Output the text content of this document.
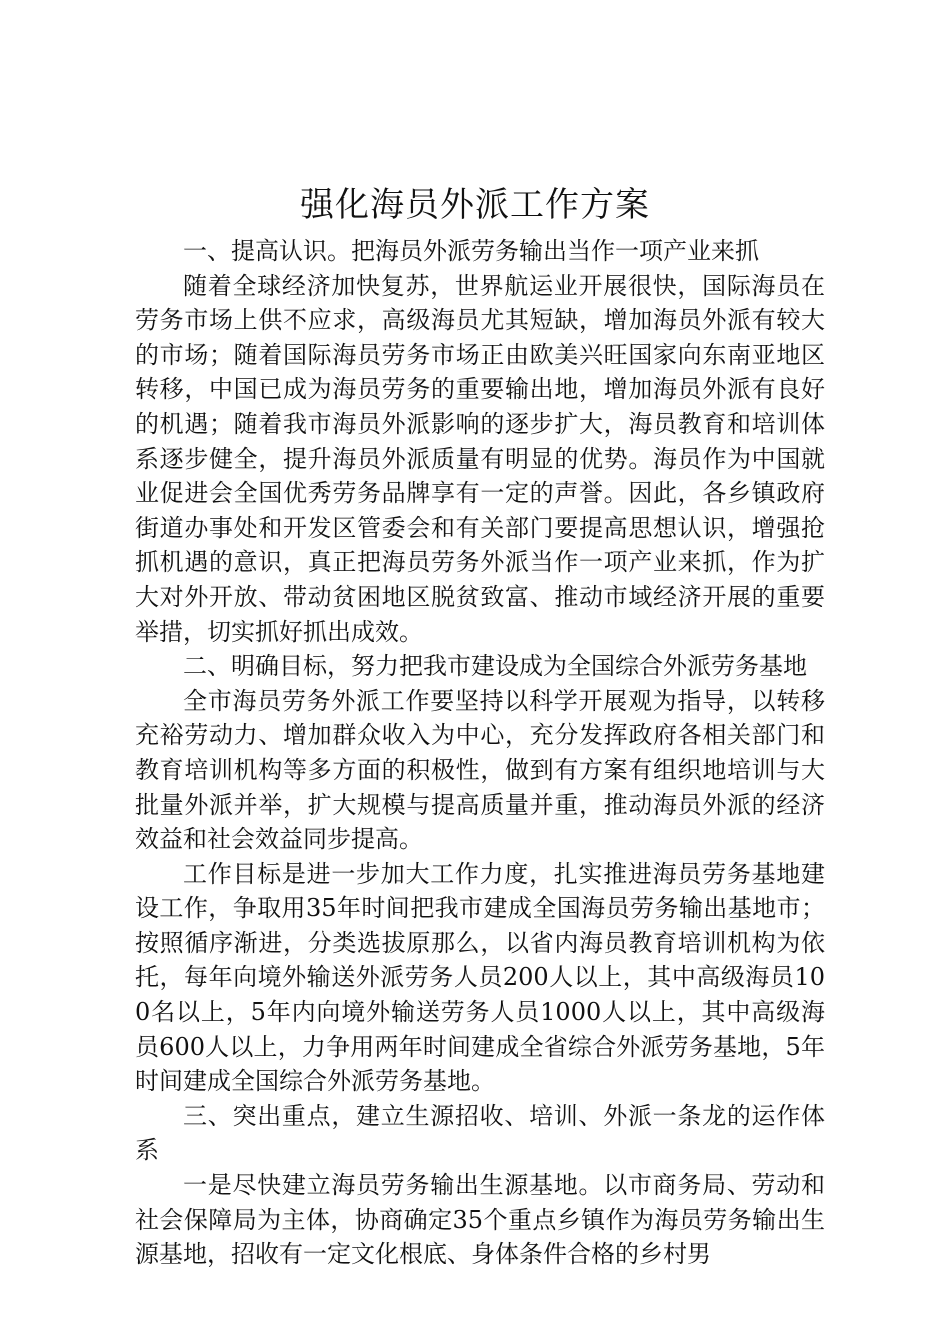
强化海员外派工作方案

一、提高认识。把海员外派劳务输出当作一项产业来抓

随着全球经济加快复苏，世界航运业开展很快，国际海员在劳务市场上供不应求，高级海员尤其短缺，增加海员外派有较大的市场；随着国际海员劳务市场正由欧美兴旺国家向东南亚地区转移，中国已成为海员劳务的重要输出地，增加海员外派有良好的机遇；随着我市海员外派影响的逐步扩大，海员教育和培训体系逐步健全，提升海员外派质量有明显的优势。海员作为中国就业促进会全国优秀劳务品牌享有一定的声誉。因此，各乡镇政府街道办事处和开发区管委会和有关部门要提高思想认识，增强抢抓机遇的意识，真正把海员劳务外派当作一项产业来抓，作为扩大对外开放、带动贫困地区脱贫致富、推动市域经济开展的重要举措，切实抓好抓出成效。

二、明确目标，努力把我市建设成为全国综合外派劳务基地

全市海员劳务外派工作要坚持以科学开展观为指导，以转移充裕劳动力、增加群众收入为中心，充分发挥政府各相关部门和教育培训机构等多方面的积极性，做到有方案有组织地培训与大批量外派并举，扩大规模与提高质量并重，推动海员外派的经济效益和社会效益同步提高。

工作目标是进一步加大工作力度，扎实推进海员劳务基地建设工作，争取用35年时间把我市建成全国海员劳务输出基地市；按照循序渐进，分类选拔原那么，以省内海员教育培训机构为依托，每年向境外输送外派劳务人员200人以上，其中高级海员100名以上，5年内向境外输送劳务人员1000人以上，其中高级海员600人以上，力争用两年时间建成全省综合外派劳务基地，5年时间建成全国综合外派劳务基地。

三、突出重点，建立生源招收、培训、外派一条龙的运作体系

一是尽快建立海员劳务输出生源基地。以市商务局、劳动和社会保障局为主体，协商确定35个重点乡镇作为海员劳务输出生源基地，招收有一定文化根底、身体条件合格的乡村男
